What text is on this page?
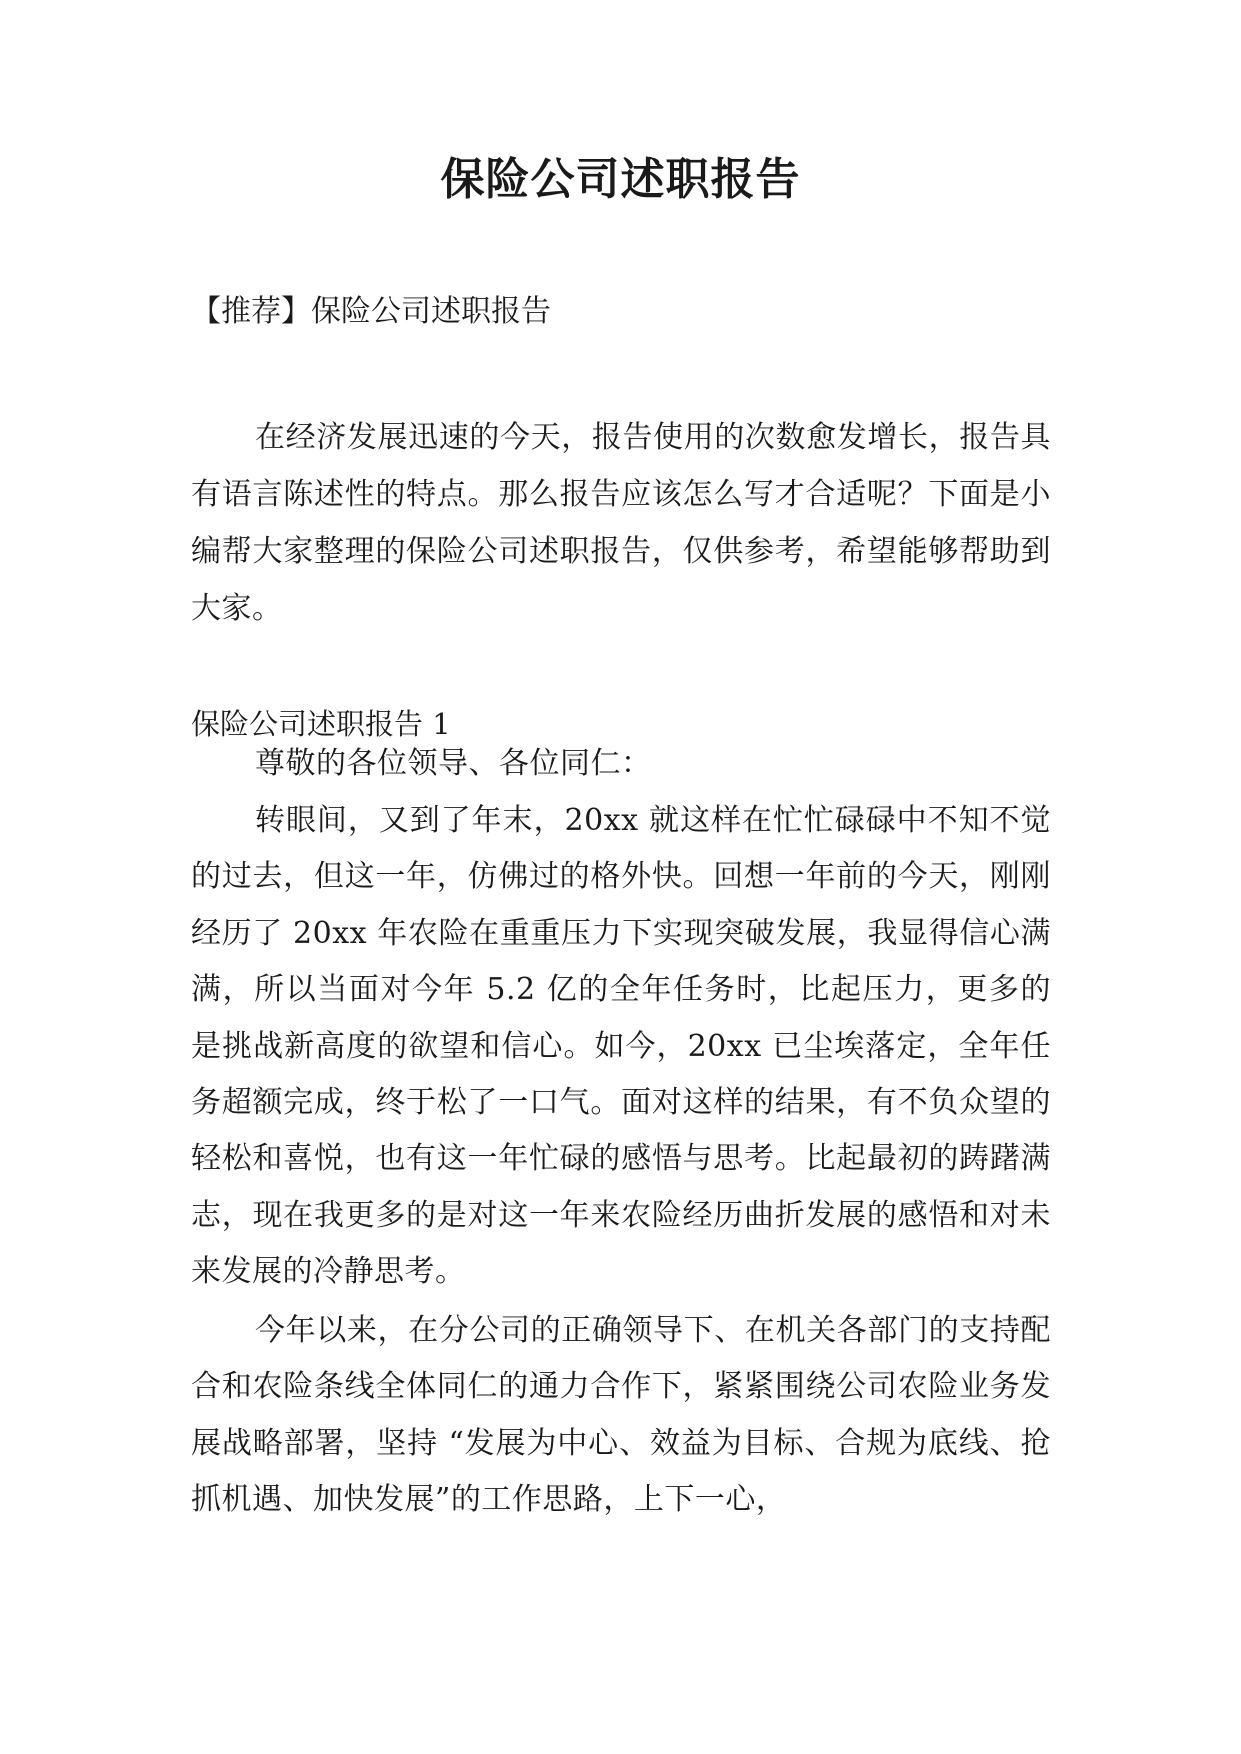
保险公司述职报告

【推荐】保险公司述职报告

在经济发展迅速的今天，报告使用的次数愈发增长，报告具有语言陈述性的特点。那么报告应该怎么写才合适呢？下面是小编帮大家整理的保险公司述职报告，仅供参考，希望能够帮助到大家。

保险公司述职报告 1

尊敬的各位领导、各位同仁：

转眼间，又到了年末，20xx 就这样在忙忙碌碌中不知不觉的过去，但这一年，仿佛过的格外快。回想一年前的今天，刚刚经历了 20xx 年农险在重重压力下实现突破发展，我显得信心满满，所以当面对今年 5.2 亿的全年任务时，比起压力，更多的是挑战新高度的欲望和信心。如今，20xx 已尘埃落定，全年任务超额完成，终于松了一口气。面对这样的结果，有不负众望的轻松和喜悦，也有这一年忙碌的感悟与思考。比起最初的踌躇满志，现在我更多的是对这一年来农险经历曲折发展的感悟和对未来发展的冷静思考。

今年以来，在分公司的正确领导下、在机关各部门的支持配合和农险条线全体同仁的通力合作下，紧紧围绕公司农险业务发展战略部署，坚持 “发展为中心、效益为目标、合规为底线、抢抓机遇、加快发展”的工作思路，上下一心，
